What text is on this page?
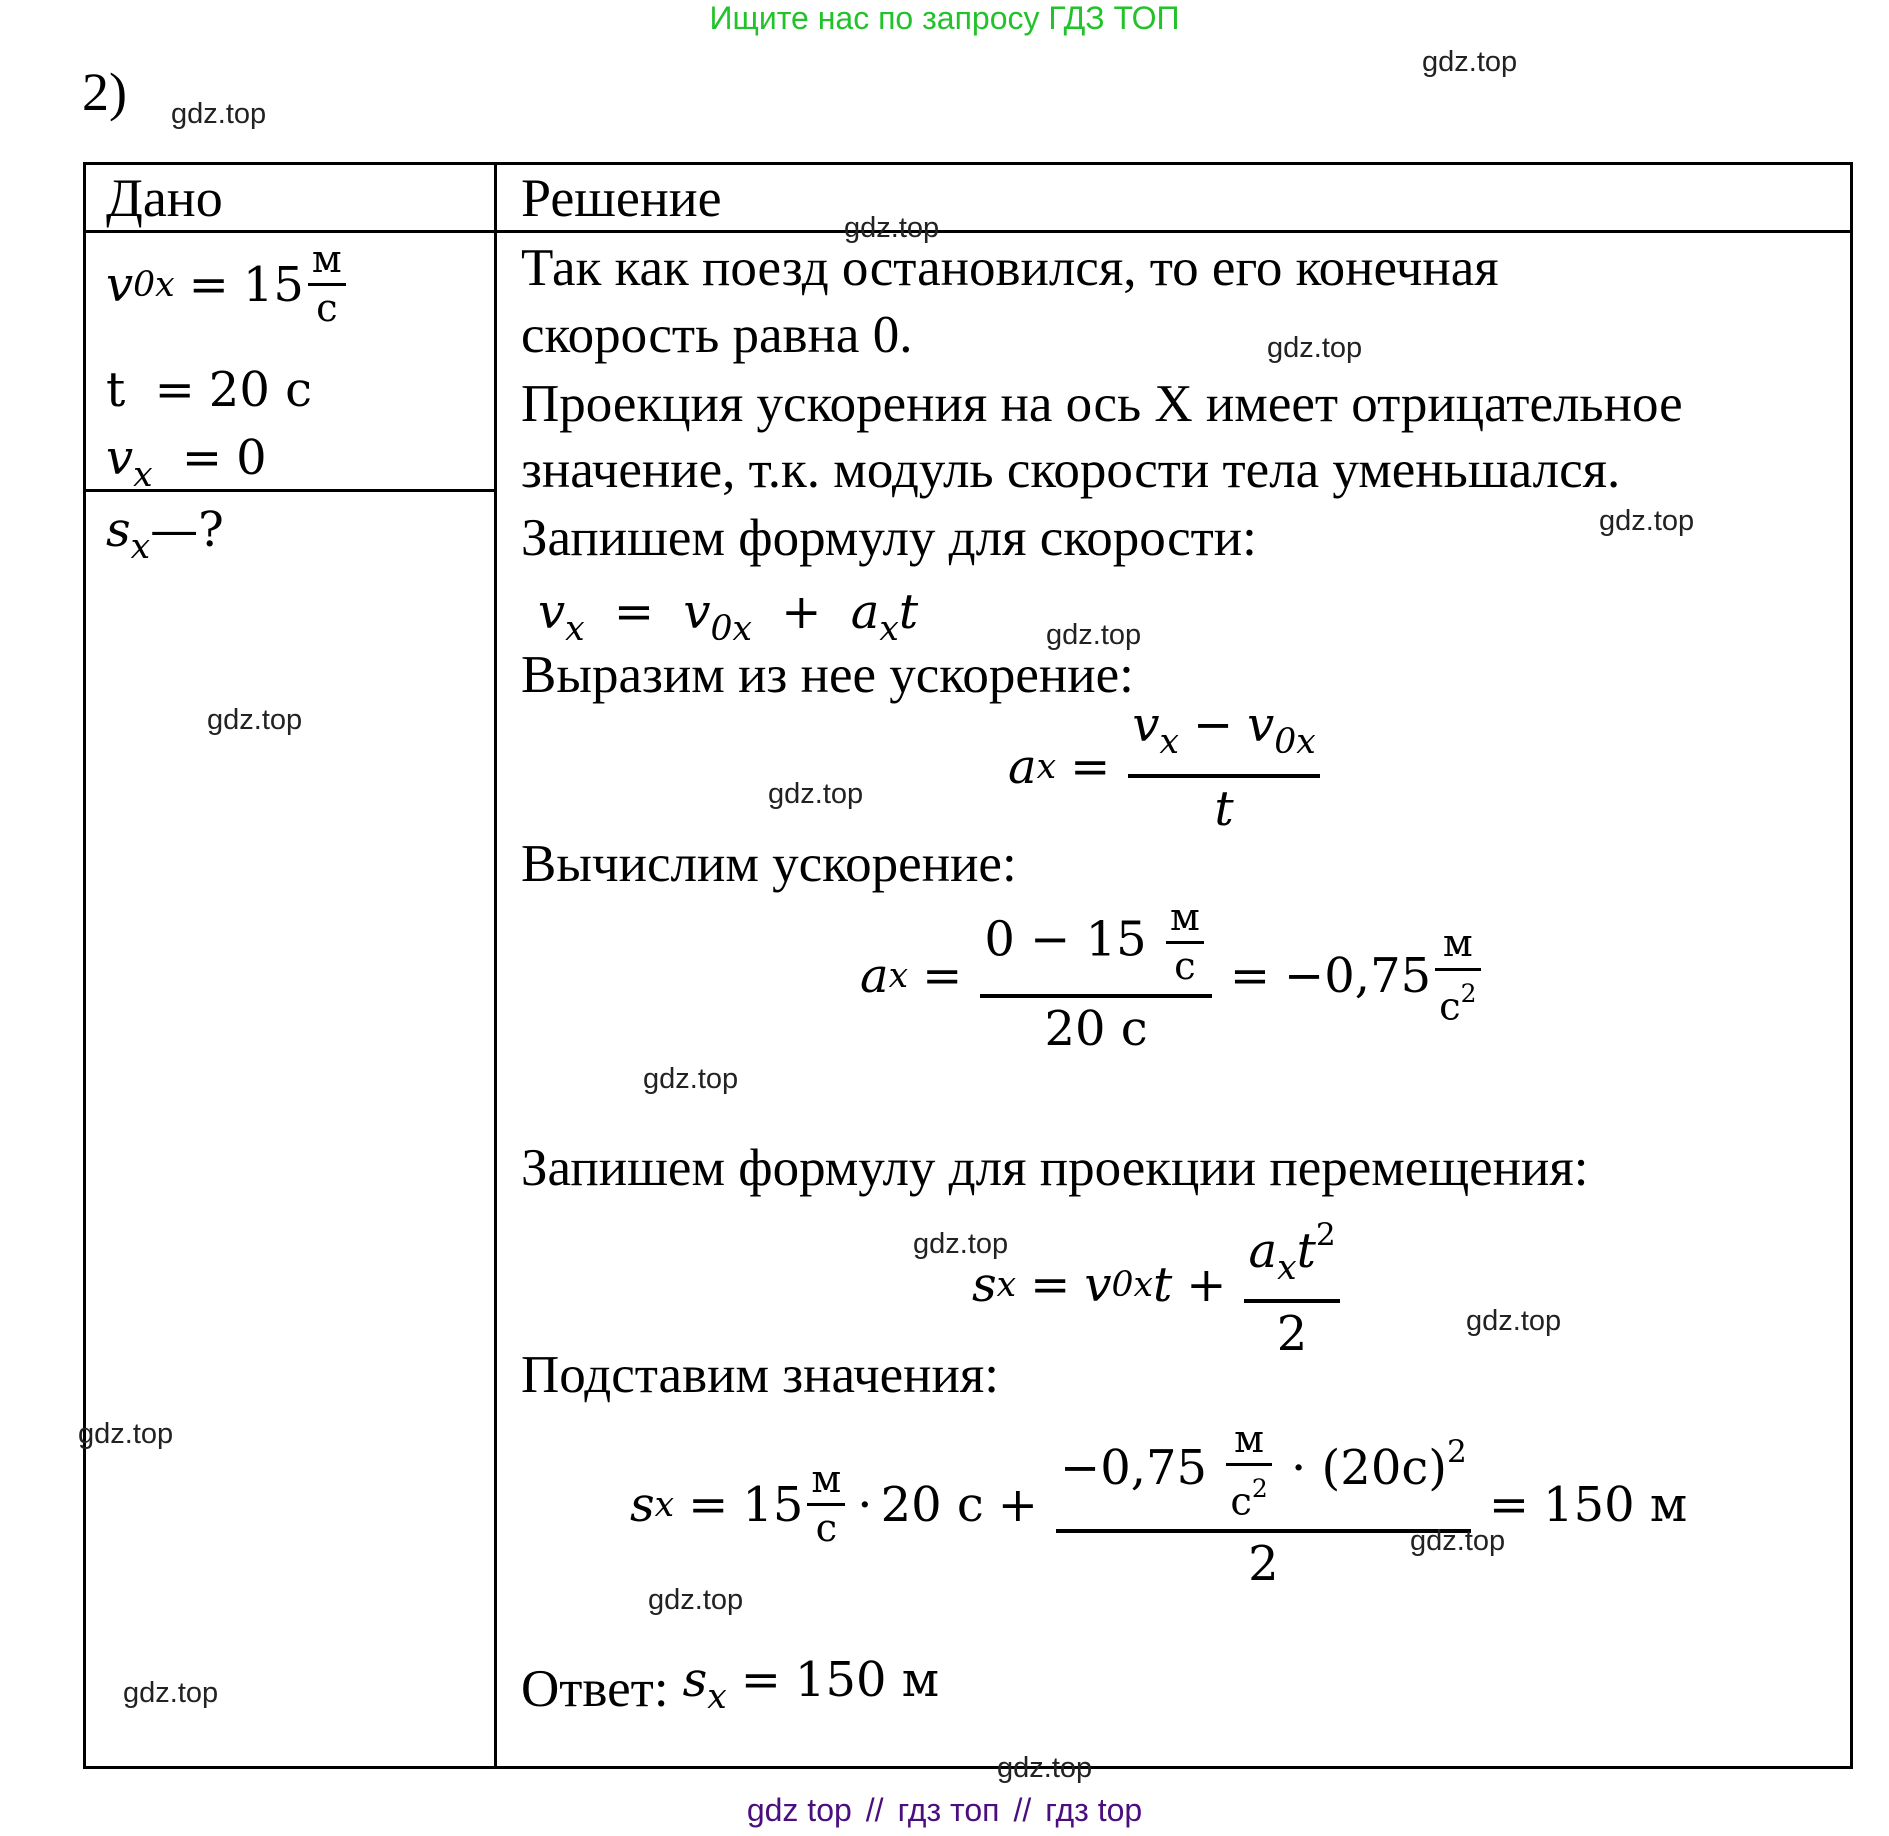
Ищите нас по запросу ГДЗ ТОП
2)
Дано	Решение
v $0x = 15 \frac{м}{с}$
t = 20 с
$v_x = 0$
$s_x—$?
Так как поезд остановился, то его конечная
скорость равна 0.
Проекция ускорения на ось X имеет отрицательное
значение, т.к. модуль скорости тела уменьшался.
Запишем формулу для скорости:
$v_x = v_{0x} + a_xt$
Выразим из нее ускорение:
a $x = \frac{v_x - v_{0x}}{t}$
Вычислим ускорение:
a $x = \frac{0 - 15 \frac{м}{с}}{20 с} = -0,75 \frac{м}{с^2}$
Запишем формулу для проекции перемещения:
s x = v 0x $t + \frac{a_xt^2}{2}$
Подставим значения:
s $x = 15 \frac{м}{с} \cdot 20$ $с + \frac{-0,75 \frac{м}{с^2} \cdot (20с)^2}{2} = 150$ м
Ответ: $s_x = 150$ м
gdz.top
gdz.top
gdz.top
gdz.top
gdz.top
gdz.top
gdz.top
gdz.top
gdz.top
gdz.top
gdz.top
gdz.top
gdz.top
gdz.top
gdz.top
gdz.top
gdz top // гдз топ // гдз top
